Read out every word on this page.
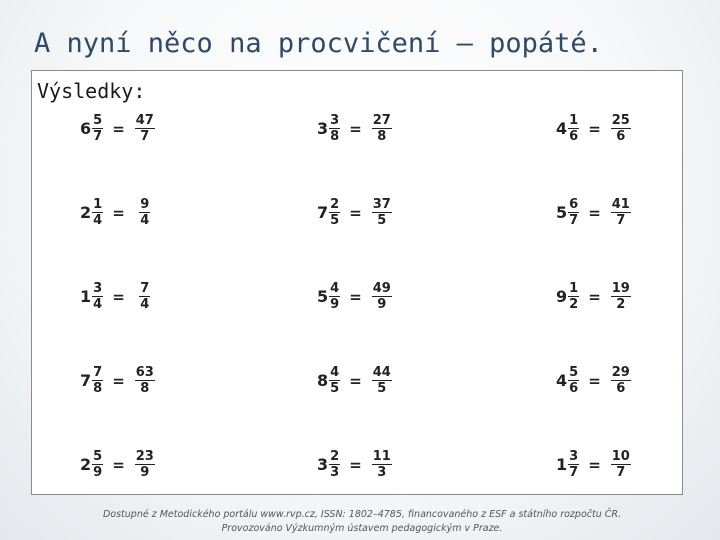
A nyní něco na procvičení – popáté.
Výsledky:
$6 \frac{5}{7} = \frac{47}{7}$	$3 \frac{3}{8} = \frac{27}{8}$	$4 \frac{1}{6} = \frac{25}{6}$
$2 \frac{1}{4} = \frac{9}{4}$	$7 \frac{2}{5} = \frac{37}{5}$	$5 \frac{6}{7} = \frac{41}{7}$
$1 \frac{3}{4} = \frac{7}{4}$	$5 \frac{4}{9} = \frac{49}{9}$	$9 \frac{1}{2} = \frac{19}{2}$
$7 \frac{7}{8} = \frac{63}{8}$	$8 \frac{4}{5} = \frac{44}{5}$	$4 \frac{5}{6} = \frac{29}{6}$
$2 \frac{5}{9} = \frac{23}{9}$	$3 \frac{2}{3} = \frac{11}{3}$	$1 \frac{3}{7} = \frac{10}{7}$
Dostupné z Metodického portálu www.rvp.cz, ISSN: 1802–4785, financovaného z ESF a státního rozpočtu ČR.
Provozováno Výzkumným ústavem pedagogickým v Praze.
